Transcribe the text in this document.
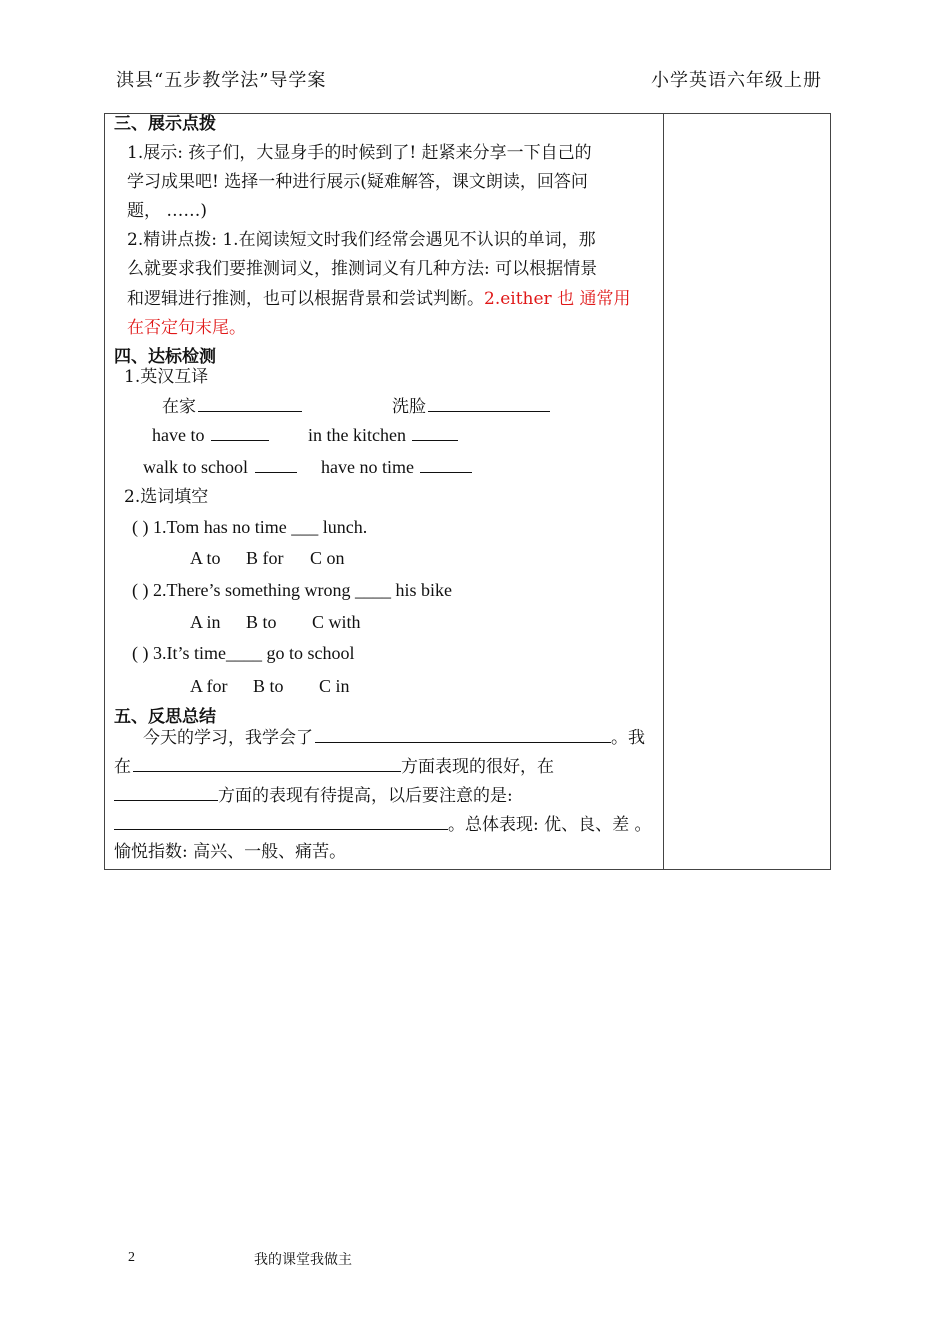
淇县“五步教学法”导学案	小学英语六年级上册
三、展示点拨
1.展示: 孩子们，大显身手的时候到了! 赶紧来分享一下自己的
学习成果吧! 选择一种进行展示(疑难解答，课文朗读，回答问
题， ……)
2.精讲点拨: 1.在阅读短文时我们经常会遇见不认识的单词，那
么就要求我们要推测词义，推测词义有几种方法: 可以根据情景
和逻辑进行推测，也可以根据背景和尝试判断。2.either 也 通常用
在否定句末尾。
四、达标检测
1.英汉互译
在家	洗脸
have to	in the kitchen
walk to school	have no time
2.选词填空
( ) 1.Tom has no time ___ lunch.
A to B for C on
( ) 2.There’s something wrong ____ his bike
A in B to C with
( ) 3.It’s time____ go to school
A for B to C in
五、反思总结
今天的学习，我学会了	。我
在	方面表现的很好，在
方面的表现有待提高，以后要注意的是:
。总体表现: 优、良、差 。
愉悦指数: 高兴、一般、痛苦。
2	我的课堂我做主
